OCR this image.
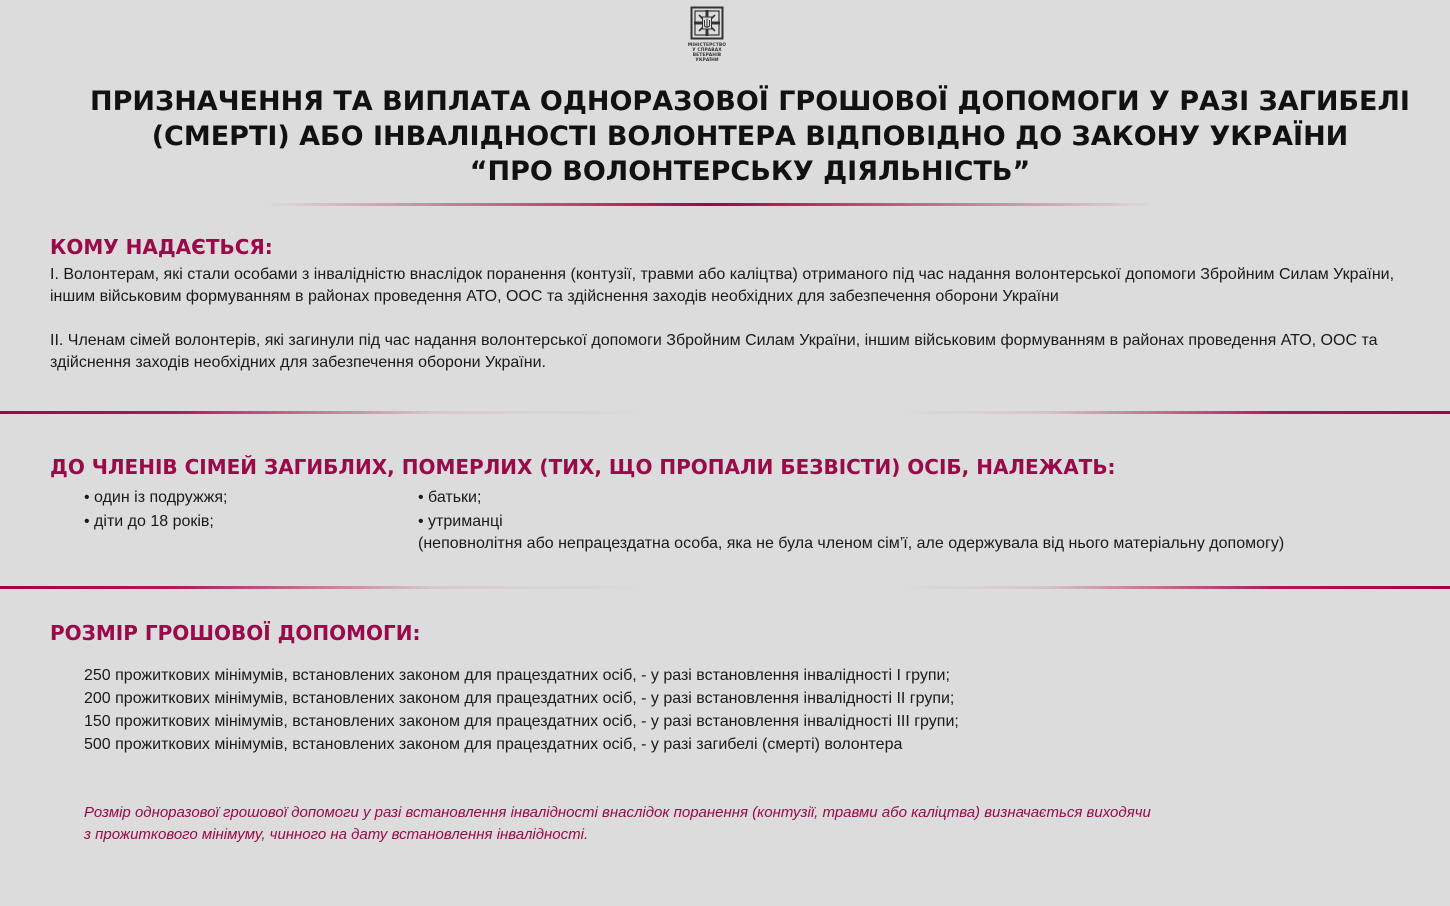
МІНІСТЕРСТВО
У СПРАВАХ
ВЕТЕРАНІВ
УКРАЇНИ
ПРИЗНАЧЕННЯ ТА ВИПЛАТА ОДНОРАЗОВОЇ ГРОШОВОЇ ДОПОМОГИ У РАЗІ ЗАГИБЕЛІ
(СМЕРТІ) АБО ІНВАЛІДНОСТІ ВОЛОНТЕРА ВІДПОВІДНО ДО ЗАКОНУ УКРАЇНИ
“ПРО ВОЛОНТЕРСЬКУ ДІЯЛЬНІСТЬ”
КОМУ НАДАЄТЬСЯ:

I. Волонтерам, які стали особами з інвалідністю внаслідок поранення (контузії, травми або каліцтва) отриманого під час надання волонтерської допомоги Збройним Силам України, іншим військовим формуванням в районах проведення АТО, ООС та здійснення заходів необхідних для забезпечення оборони України

II. Членам сімей волонтерів, які загинули під час надання волонтерської допомоги Збройним Силам України, іншим військовим формуванням в районах проведення АТО, ООС та здійснення заходів необхідних для забезпечення оборони України.

ДО ЧЛЕНІВ СІМЕЙ ЗАГИБЛИХ, ПОМЕРЛИХ (ТИХ, ЩО ПРОПАЛИ БЕЗВІСТИ) ОСІБ, НАЛЕЖАТЬ:
• один із подружжя;
• діти до 18 років;
• батьки;
• утриманці
(неповнолітня або непрацездатна особа, яка не була членом сім’ї, але одержувала від нього матеріальну допомогу)
РОЗМІР ГРОШОВОЇ ДОПОМОГИ:
250 прожиткових мінімумів, встановлених законом для працездатних осіб, - у разі встановлення інвалідності I групи;
200 прожиткових мінімумів, встановлених законом для працездатних осіб, - у разі встановлення інвалідності II групи;
150 прожиткових мінімумів, встановлених законом для працездатних осіб, - у разі встановлення інвалідності III групи;
500 прожиткових мінімумів, встановлених законом для працездатних осіб, - у разі загибелі (смерті) волонтера

Розмір одноразової грошової допомоги у разі встановлення інвалідності внаслідок поранення (контузії, травми або каліцтва) визначається виходячи
з прожиткового мінімуму, чинного на дату встановлення інвалідності.
